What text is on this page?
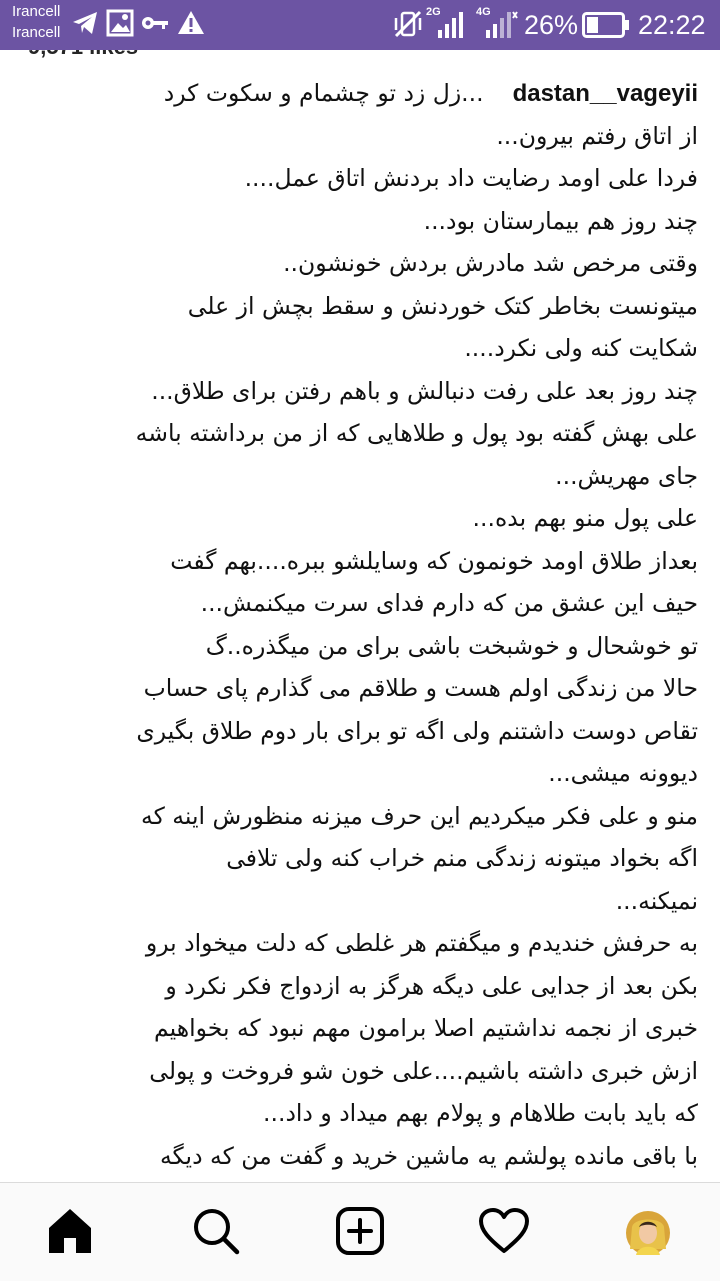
Irancell
Irancell
2G	4G 26% 22:22
dastan__vageyii  ...زل زد تو چشمام و سکوت کرد
از اتاق رفتم بیرون...
فردا علی اومد رضایت داد بردنش اتاق عمل....
چند روز هم بیمارستان بود...
وقتی مرخص شد مادرش بردش خونشون..
میتونست بخاطر کتک خوردنش و سقط بچش از علی
شکایت کنه ولی نکرد....
چند روز بعد علی رفت دنبالش و باهم رفتن برای طلاق...
علی بهش گفته بود پول و طلاهایی که از من برداشته باشه
جای مهریش...
علی پول منو بهم بده...
بعداز طلاق اومد خونمون که وسایلشو ببره....بهم گفت
حیف این عشق من که دارم فدای سرت میکنمش...
تو خوشحال و خوشبخت باشی برای من میگذره..گ
حالا من زندگی اولم هست و طلاقم می گذارم پای حساب
تقاص دوست داشتنم ولی اگه تو برای بار دوم طلاق بگیری
دیوونه میشی...
منو و علی فکر میکردیم این حرف میزنه منظورش اینه که
اگه بخواد میتونه زندگی منم خراب کنه ولی تلافی
نمیکنه...
به حرفش خندیدم و میگفتم هر غلطی که دلت میخواد برو
بکن بعد از جدایی علی دیگه هرگز به ازدواج فکر نکرد و
خبری از نجمه نداشتیم اصلا برامون مهم نبود که بخواهیم
ازش خبری داشته باشیم....علی خون شو فروخت و پولی
که باید بابت طلاهام و پولام بهم میداد و داد...
با باقی مانده پولشم یه ماشین خرید و گفت من که دیگه
